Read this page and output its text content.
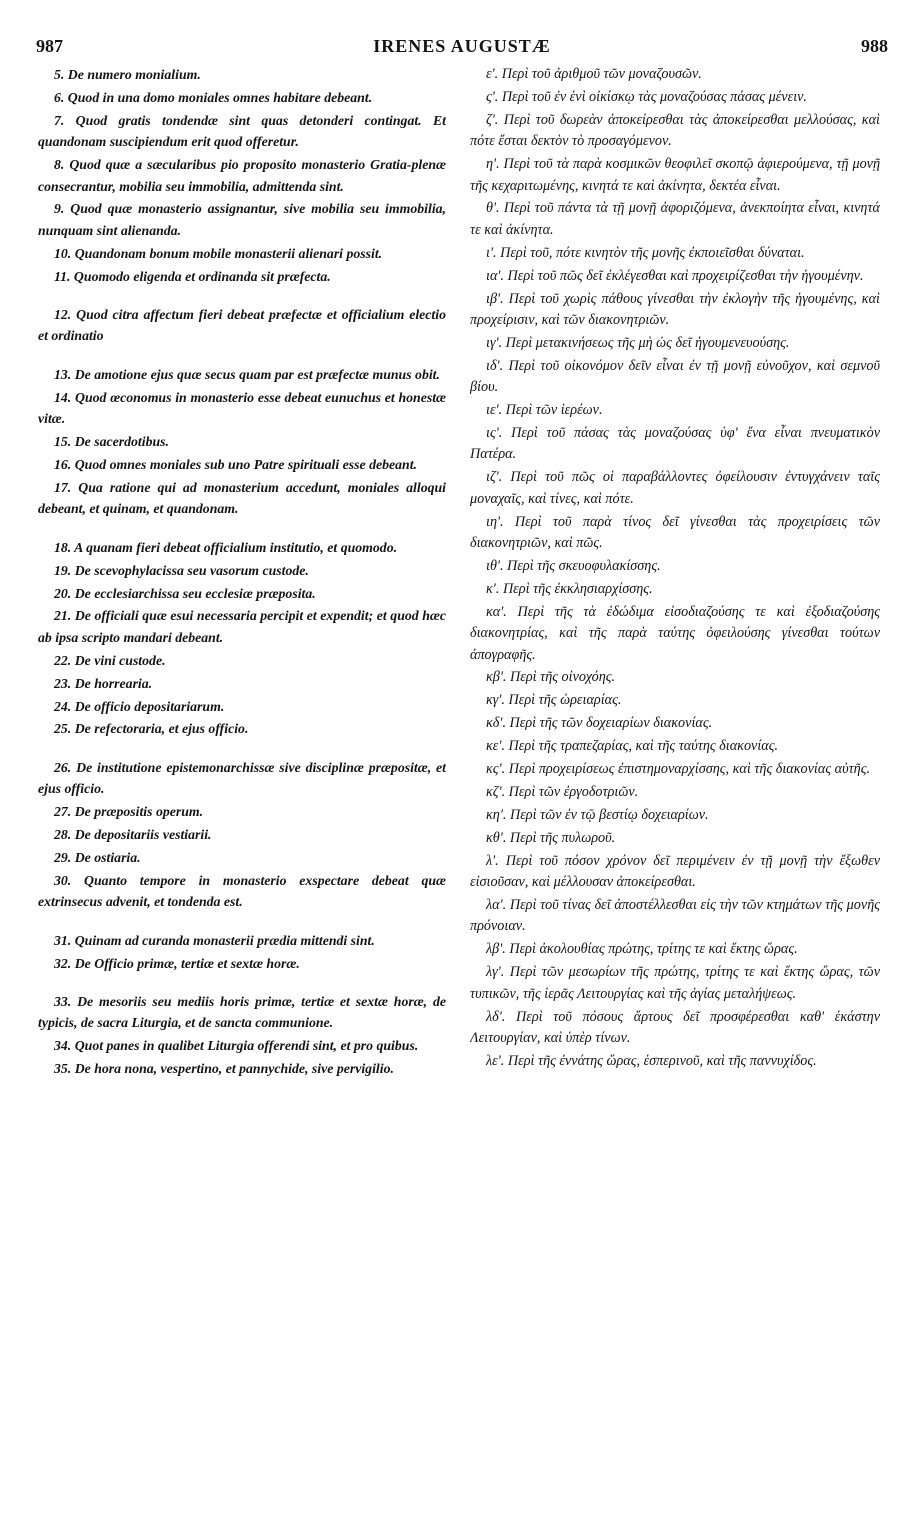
987	IRENES AUGUSTÆ	988

5. De numero monialium.

6. Quod in una domo moniales omnes habitare debeant.

7. Quod gratis tondendæ sint quas detonderi contingat. Et quandonam suscipiendum erit quod offeretur.

8. Quod quæ a sæcularibus pio proposito monasterio Gratia-plenæ consecrantur, mobilia seu immobilia, admittenda sint.

9. Quod quæ monasterio assignantur, sive mobilia seu immobilia, nunquam sint alienanda.

10. Quandonam bonum mobile monasterii alienari possit.

11. Quomodo eligenda et ordinanda sit præfecta.

12. Quod citra affectum fieri debeat præfectæ et officialium electio et ordinatio

13. De amotione ejus quæ secus quam par est præfectæ munus obit.

14. Quod œconomus in monasterio esse debeat eunuchus et honestæ vitæ.

15. De sacerdotibus.

16. Quod omnes moniales sub uno Patre spirituali esse debeant.

17. Qua ratione qui ad monasterium accedunt, moniales alloqui debeant, et quinam, et quandonam.

18. A quanam fieri debeat officialium institutio, et quomodo.

19. De scevophylacissa seu vasorum custode.

20. De ecclesiarchissa seu ecclesiæ præposita.

21. De officiali quæ esui necessaria percipit et expendit; et quod hæc ab ipsa scripto mandari debeant.

22. De vini custode.

23. De horrearia.

24. De officio depositariarum.

25. De refectoraria, et ejus officio.

26. De institutione epistemonarchissæ sive disciplinæ præpositæ, et ejus officio.

27. De præpositis operum.

28. De depositariis vestiarii.

29. De ostiaria.

30. Quanto tempore in monasterio exspectare debeat quæ extrinsecus advenit, et tondenda est.

31. Quinam ad curanda monasterii prædia mittendi sint.

32. De Officio primæ, tertiæ et sextæ horæ.

33. De mesoriis seu mediis horis primæ, tertiæ et sextæ horæ, de typicis, de sacra Liturgia, et de sancta communione.

34. Quot panes in qualibet Liturgia offerendi sint, et pro quibus.

35. De hora nona, vespertino, et pannychide, sive pervigilio.

ε'. Περὶ τοῦ ἀριθμοῦ τῶν μοναζουσῶν.

ς'. Περὶ τοῦ ἐν ἑνὶ οἰκίσκῳ τὰς μοναζούσας πάσας μένειν.

ζ'. Περὶ τοῦ δωρεὰν ἀποκείρεσθαι τὰς ἀποκείρεσθαι μελλούσας, καὶ πότε ἔσται δεκτὸν τὸ προσαγόμενον.

η'. Περὶ τοῦ τὰ παρὰ κοσμικῶν θεοφιλεῖ σκοπῷ ἀφιερούμενα, τῇ μονῇ τῆς κεχαριτωμένης, κινητά τε καὶ ἀκίνητα, δεκτέα εἶναι.

θ'. Περὶ τοῦ πάντα τὰ τῇ μονῇ ἀφοριζόμενα, ἀνεκποίητα εἶναι, κινητά τε καὶ ἀκίνητα.

ι'. Περὶ τοῦ, πότε κινητὸν τῆς μονῆς ἐκποιεῖσθαι δύναται.

ια'. Περὶ τοῦ πῶς δεῖ ἐκλέγεσθαι καὶ προχειρίζεσθαι τὴν ἡγουμένην.

ιβ'. Περὶ τοῦ χωρὶς πάθους γίνεσθαι τὴν ἐκλογὴν τῆς ἡγουμένης, καὶ προχείρισιν, καὶ τῶν διακονητριῶν.

ιγ'. Περὶ μετακινήσεως τῆς μὴ ὡς δεῖ ἡγουμενευούσης.

ιδ'. Περὶ τοῦ οἰκονόμον δεῖν εἶναι ἐν τῇ μονῇ εὐνοῦχον, καὶ σεμνοῦ βίου.

ιε'. Περὶ τῶν ἱερέων.

ις'. Περὶ τοῦ πάσας τὰς μοναζούσας ὑφ' ἕνα εἶναι πνευματικὸν Πατέρα.

ιζ'. Περὶ τοῦ πῶς οἱ παραβάλλοντες ὀφείλουσιν ἐντυγχάνειν ταῖς μοναχαῖς, καὶ τίνες, καὶ πότε.

ιη'. Περὶ τοῦ παρὰ τίνος δεῖ γίνεσθαι τὰς προχειρίσεις τῶν διακονητριῶν, καὶ πῶς.

ιθ'. Περὶ τῆς σκευοφυλακίσσης.

κ'. Περὶ τῆς ἐκκλησιαρχίσσης.

κα'. Περὶ τῆς τὰ ἐδώδιμα εἰσοδιαζούσης τε καὶ ἐξοδιαζούσης διακονητρίας, καὶ τῆς παρὰ ταύτης ὀφειλούσης γίνεσθαι τούτων ἀπογραφῆς.

κβ'. Περὶ τῆς οἰνοχόης.

κγ'. Περὶ τῆς ὡρειαρίας.

κδ'. Περὶ τῆς τῶν δοχειαρίων διακονίας.

κε'. Περὶ τῆς τραπεζαρίας, καὶ τῆς ταύτης διακονίας.

κς'. Περὶ προχειρίσεως ἐπιστημοναρχίσσης, καὶ τῆς διακονίας αὐτῆς.

κζ'. Περὶ τῶν ἐργοδοτριῶν.

κη'. Περὶ τῶν ἐν τῷ βεστίῳ δοχειαρίων.

κθ'. Περὶ τῆς πυλωροῦ.

λ'. Περὶ τοῦ πόσον χρόνον δεῖ περιμένειν ἐν τῇ μονῇ τὴν ἔξωθεν εἰσιοῦσαν, καὶ μέλλουσαν ἀποκείρεσθαι.

λα'. Περὶ τοῦ τίνας δεῖ ἀποστέλλεσθαι εἰς τὴν τῶν κτημάτων τῆς μονῆς πρόνοιαν.

λβ'. Περὶ ἀκολουθίας πρώτης, τρίτης τε καὶ ἕκτης ὥρας.

λγ'. Περὶ τῶν μεσωρίων τῆς πρώτης, τρίτης τε καὶ ἕκτης ὥρας, τῶν τυπικῶν, τῆς ἱερᾶς Λειτουργίας καὶ τῆς ἁγίας μεταλήψεως.

λδ'. Περὶ τοῦ πόσους ἄρτους δεῖ προσφέρεσθαι καθ' ἑκάστην Λειτουργίαν, καὶ ὑπὲρ τίνων.

λε'. Περὶ τῆς ἐννάτης ὥρας, ἑσπερινοῦ, καὶ τῆς παννυχίδος.
